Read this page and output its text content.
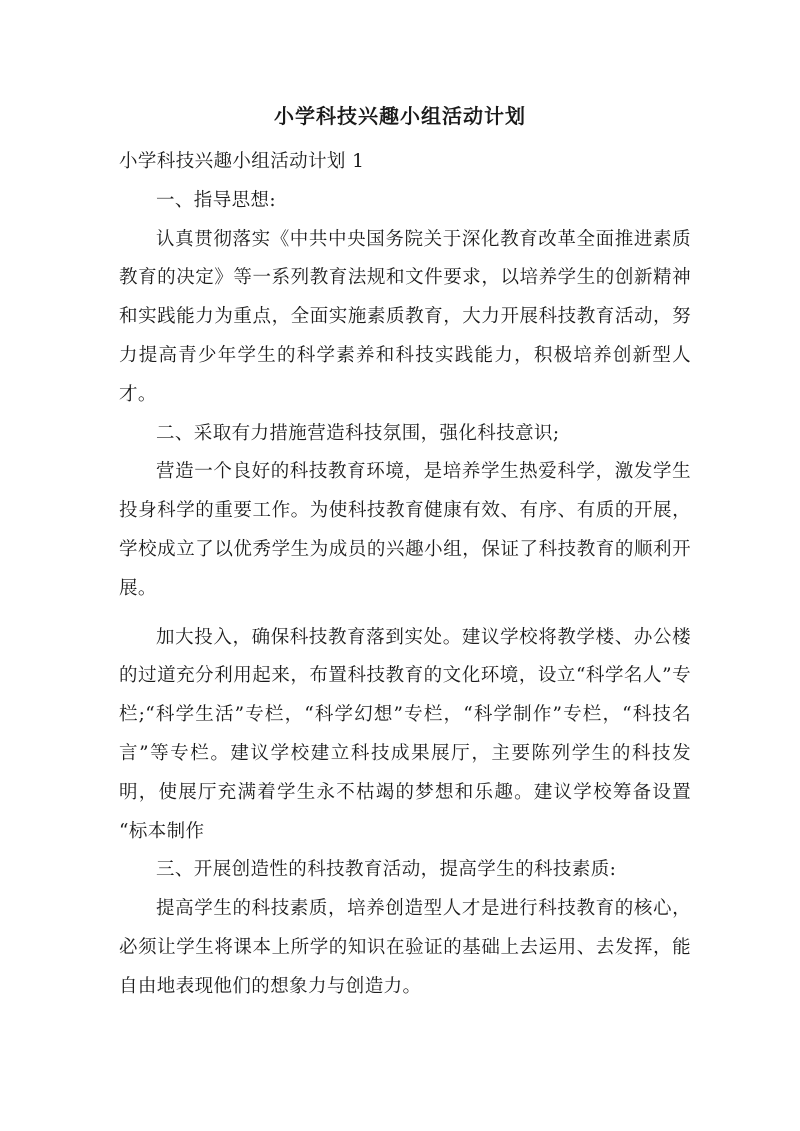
小学科技兴趣小组活动计划

小学科技兴趣小组活动计划 1

一、指导思想:

认真贯彻落实《中共中央国务院关于深化教育改革全面推进素质教育的决定》等一系列教育法规和文件要求，以培养学生的创新精神和实践能力为重点，全面实施素质教育，大力开展科技教育活动，努力提高青少年学生的科学素养和科技实践能力，积极培养创新型人才。

二、采取有力措施营造科技氛围，强化科技意识;

营造一个良好的科技教育环境，是培养学生热爱科学，激发学生投身科学的重要工作。为使科技教育健康有效、有序、有质的开展，学校成立了以优秀学生为成员的兴趣小组，保证了科技教育的顺利开展。

加大投入，确保科技教育落到实处。建议学校将教学楼、办公楼的过道充分利用起来，布置科技教育的文化环境，设立“科学名人”专栏;“科学生活”专栏，“科学幻想”专栏，“科学制作”专栏，“科技名言”等专栏。建议学校建立科技成果展厅，主要陈列学生的科技发明，使展厅充满着学生永不枯竭的梦想和乐趣。建议学校筹备设置 “标本制作

三、开展创造性的科技教育活动，提高学生的科技素质:

提高学生的科技素质，培养创造型人才是进行科技教育的核心，必须让学生将课本上所学的知识在验证的基础上去运用、去发挥，能自由地表现他们的想象力与创造力。
